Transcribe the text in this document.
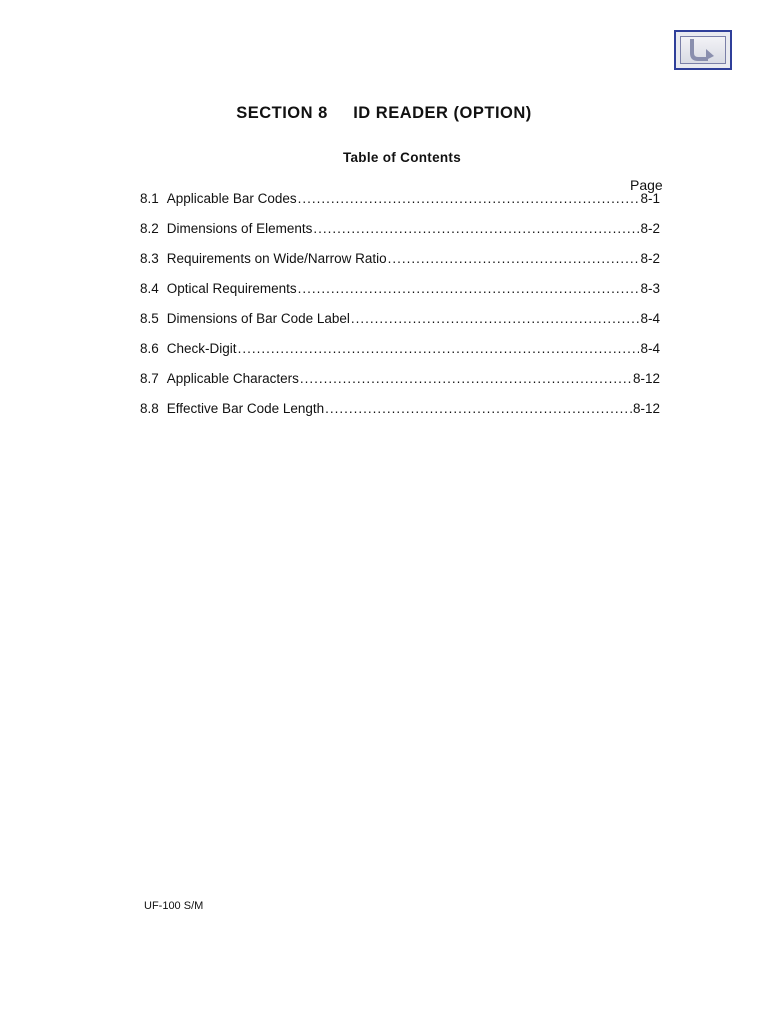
SECTION 8 ID READER (OPTION)
Table of Contents
Page
8.1 Applicable Bar Codes .....	8-1
8.2 Dimensions of Elements .....	8-2
8.3 Requirements on Wide/Narrow Ratio .....	8-2
8.4 Optical Requirements .....	8-3
8.5 Dimensions of Bar Code Label .....	8-4
8.6 Check-Digit .....	8-4
8.7 Applicable Characters .....	8-12
8.8 Effective Bar Code Length .....	8-12
UF-100 S/M
